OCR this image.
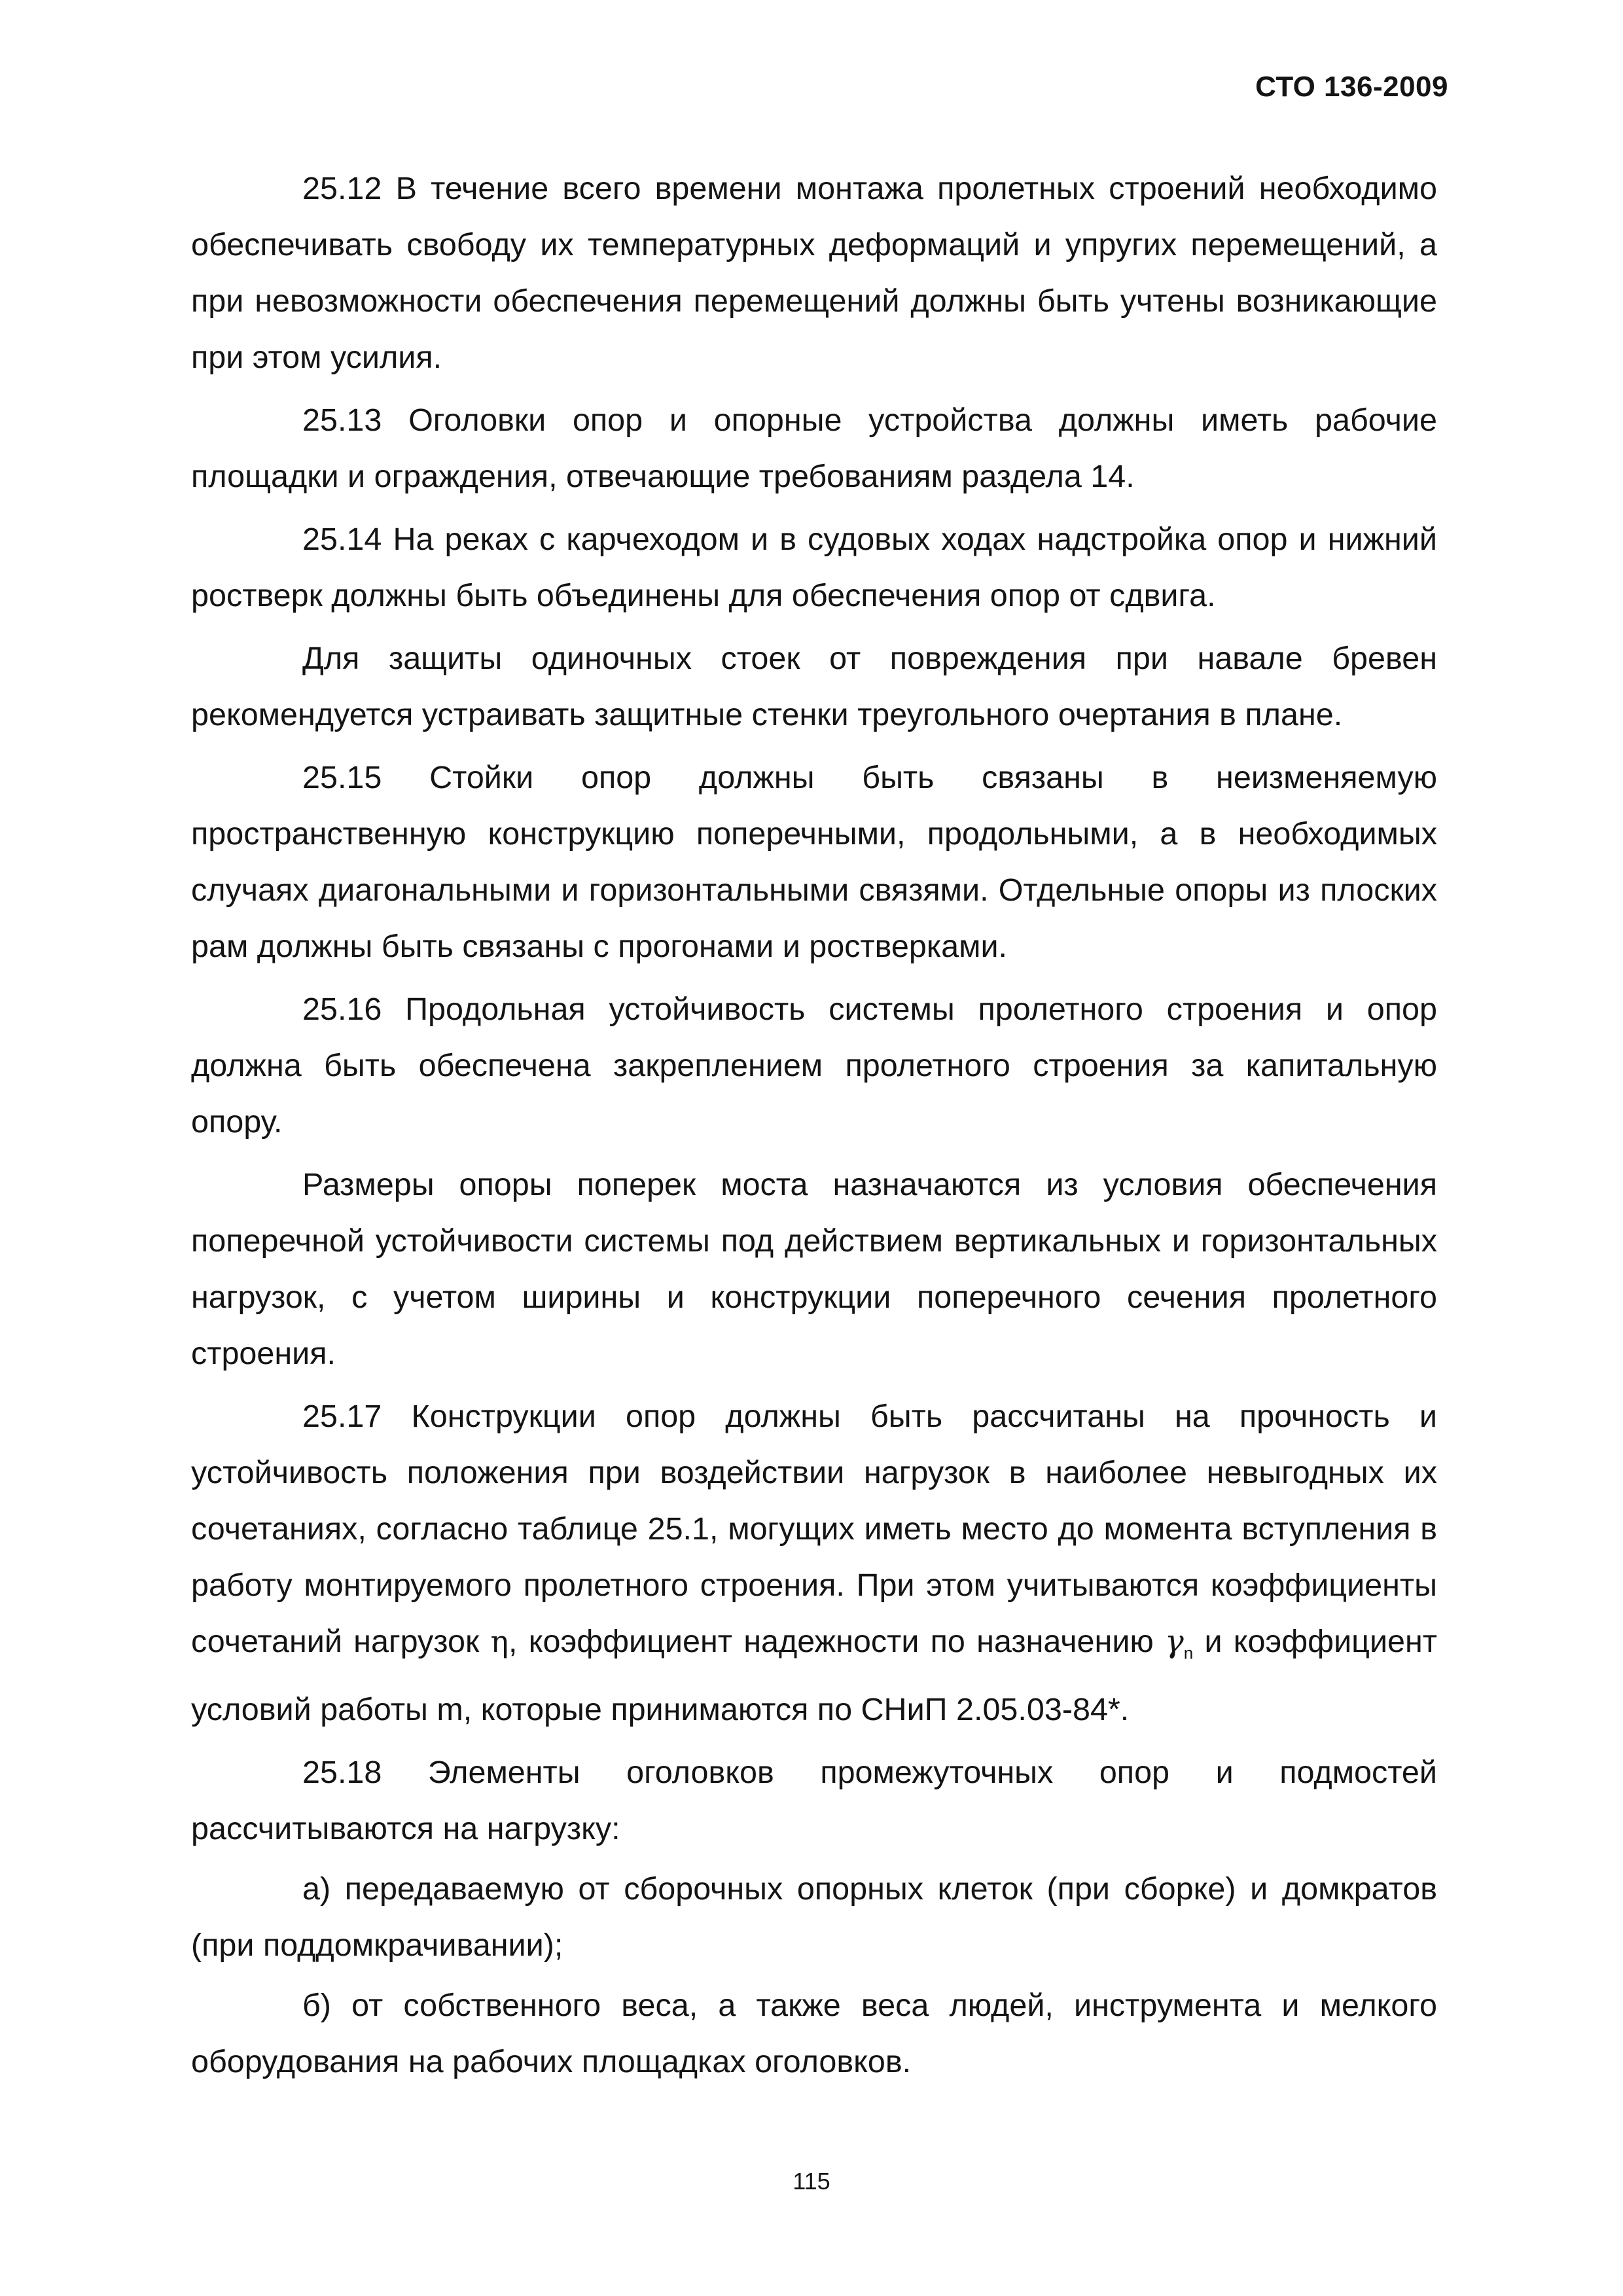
СТО 136-2009

25.12 В течение всего времени монтажа пролетных строений необходимо обеспечивать свободу их температурных деформаций и упругих перемещений, а при невозможности обеспечения перемещений должны быть учтены возникающие при этом усилия.

25.13 Оголовки опор и опорные устройства должны иметь рабочие площадки и ограждения, отвечающие требованиям раздела 14.

25.14 На реках с карчеходом и в судовых ходах надстройка опор и нижний ростверк должны быть объединены для обеспечения опор от сдвига.

Для защиты одиночных стоек от повреждения при навале бревен рекомендуется устраивать защитные стенки треугольного очертания в плане.

25.15 Стойки опор должны быть связаны в неизменяемую пространственную конструкцию поперечными, продольными, а в необходимых случаях диагональными и горизонтальными связями. Отдельные опоры из плоских рам должны быть связаны с прогонами и ростверками.

25.16 Продольная устойчивость системы пролетного строения и опор должна быть обеспечена закреплением пролетного строения за капитальную опору.

Размеры опоры поперек моста назначаются из условия обеспечения поперечной устойчивости системы под действием вертикальных и горизонтальных нагрузок, с учетом ширины и конструкции поперечного сечения пролетного строения.

25.17 Конструкции опор должны быть рассчитаны на прочность и устойчивость положения при воздействии нагрузок в наиболее невыгодных их сочетаниях, согласно таблице 25.1, могущих иметь место до момента вступления в работу монтируемого пролетного строения. При этом учитываются коэффициенты сочетаний нагрузок η, коэффициент надежности по назначению $\gamma_n$ и коэффициент условий работы m, которые принимаются по СНиП 2.05.03-84*.

25.18 Элементы оголовков промежуточных опор и подмостей рассчитываются на нагрузку:

а) передаваемую от сборочных опорных клеток (при сборке) и домкратов (при поддомкрачивании);

б) от собственного веса, а также веса людей, инструмента и мелкого оборудования на рабочих площадках оголовков.

115
